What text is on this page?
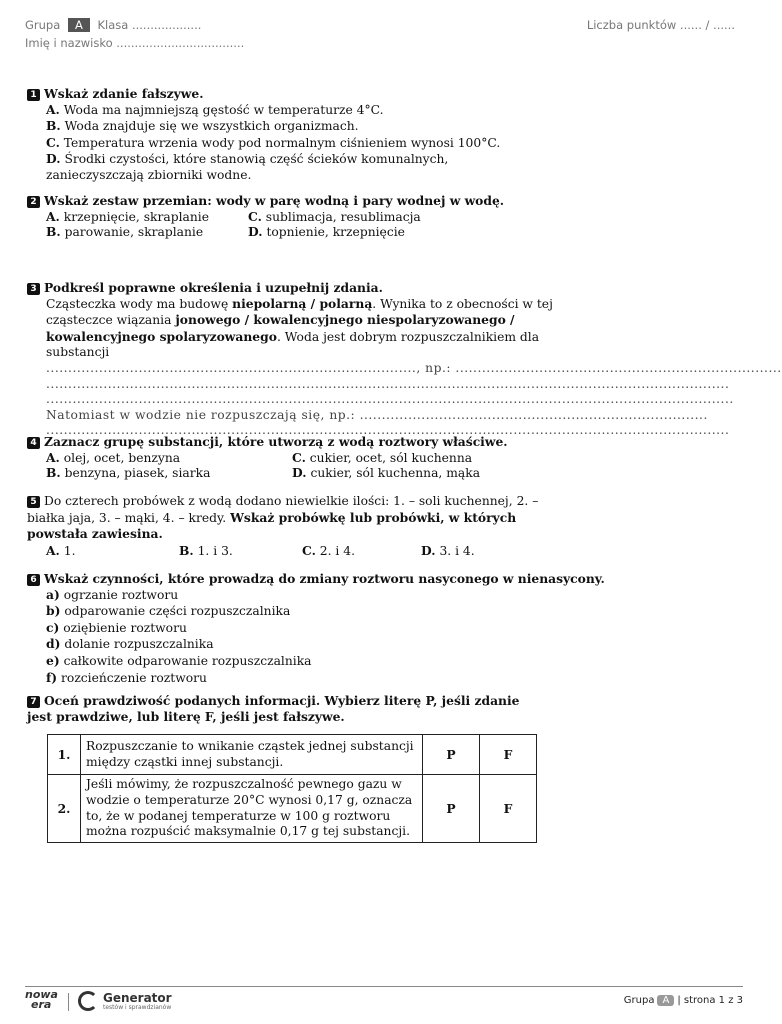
Grupa A Klasa ...................	Liczba punktów ...... / ......
Imię i nazwisko ...................................
1 Wskaż zdanie fałszywe.
A. Woda ma najmniejszą gęstość w temperaturze 4°C.
B. Woda znajduje się we wszystkich organizmach.
C. Temperatura wrzenia wody pod normalnym ciśnieniem wynosi 100°C.
D. Środki czystości, które stanowią część ścieków komunalnych, zanieczyszczają zbiorniki wodne.
2 Wskaż zestaw przemian: wody w parę wodną i pary wodnej w wodę.
A. krzepnięcie, skraplanie	C. sublimacja, resublimacja
B. parowanie, skraplanie	D. topnienie, krzepnięcie
3 Podkreśl poprawne określenia i uzupełnij zdania.
Cząsteczka wody ma budowę niepolarną / polarną. Wynika to z obecności w tej cząsteczce wiązania jonowego / kowalencyjnego niespolaryzowanego / kowalencyjnego spolaryzowanego. Woda jest dobrym rozpuszczalnikiem dla substancji
...................................................................................., np.: ..........................................................................
...........................................................................................................................................................
............................................................................................................................................................
Natomiast w wodzie nie rozpuszczają się, np.: ...............................................................................
...........................................................................................................................................................
4 Zaznacz grupę substancji, które utworzą z wodą roztwory właściwe.
A. olej, ocet, benzyna	C. cukier, ocet, sól kuchenna
B. benzyna, piasek, siarka	D. cukier, sól kuchenna, mąka
5 Do czterech probówek z wodą dodano niewielkie ilości: 1. – soli kuchennej, 2. – białka jaja, 3. – mąki, 4. – kredy. Wskaż probówkę lub probówki, w których powstała zawiesina.
A. 1.	B. 1. i 3.	C. 2. i 4.	D. 3. i 4.
6 Wskaż czynności, które prowadzą do zmiany roztworu nasyconego w nienasycony.
a) ogrzanie roztworu
b) odparowanie części rozpuszczalnika
c) oziębienie roztworu
d) dolanie rozpuszczalnika
e) całkowite odparowanie rozpuszczalnika
f) rozcieńczenie roztworu
7 Oceń prawdziwość podanych informacji. Wybierz literę P, jeśli zdanie jest prawdziwe, lub literę F, jeśli jest fałszywe.
1.	Rozpuszczanie to wnikanie cząstek jednej substancji między cząstki innej substancji.	P	F
2.	Jeśli mówimy, że rozpuszczalność pewnego gazu w wodzie o temperaturze 20°C wynosi 0,17 g, oznacza to, że w podanej temperaturze w 100 g roztworu można rozpuścić maksymalnie 0,17 g tej substancji.	P	F
nowa
era	Generator
testów i sprawdzianów
Grupa A | strona 1 z 3
